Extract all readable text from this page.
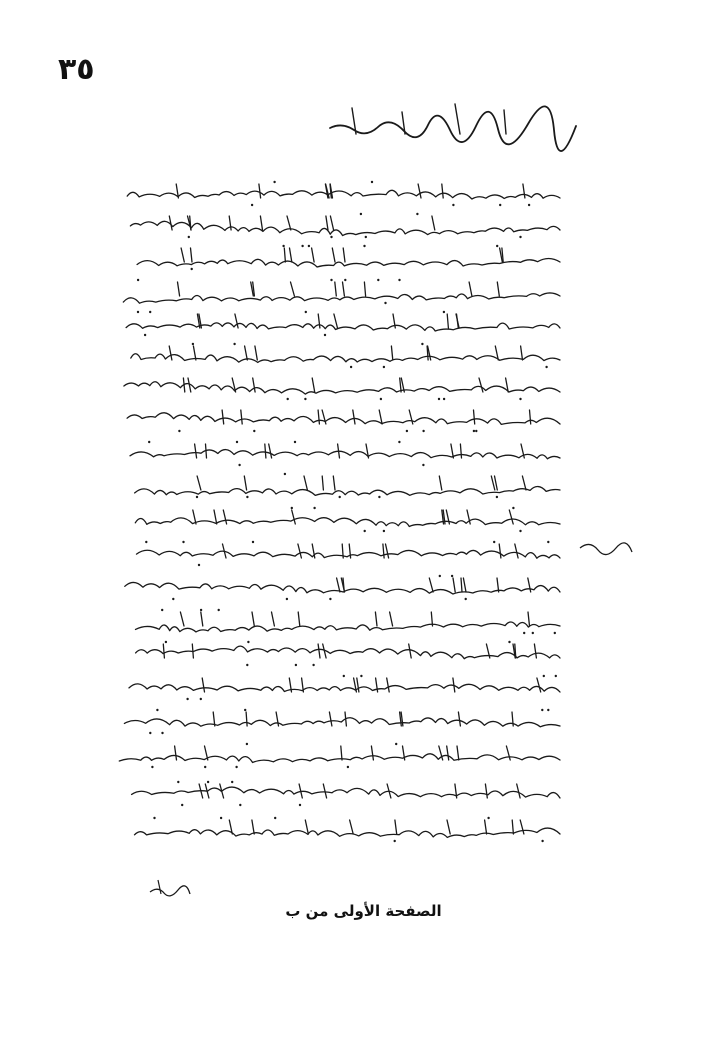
٣٥
الصفحة الأولى من ب
